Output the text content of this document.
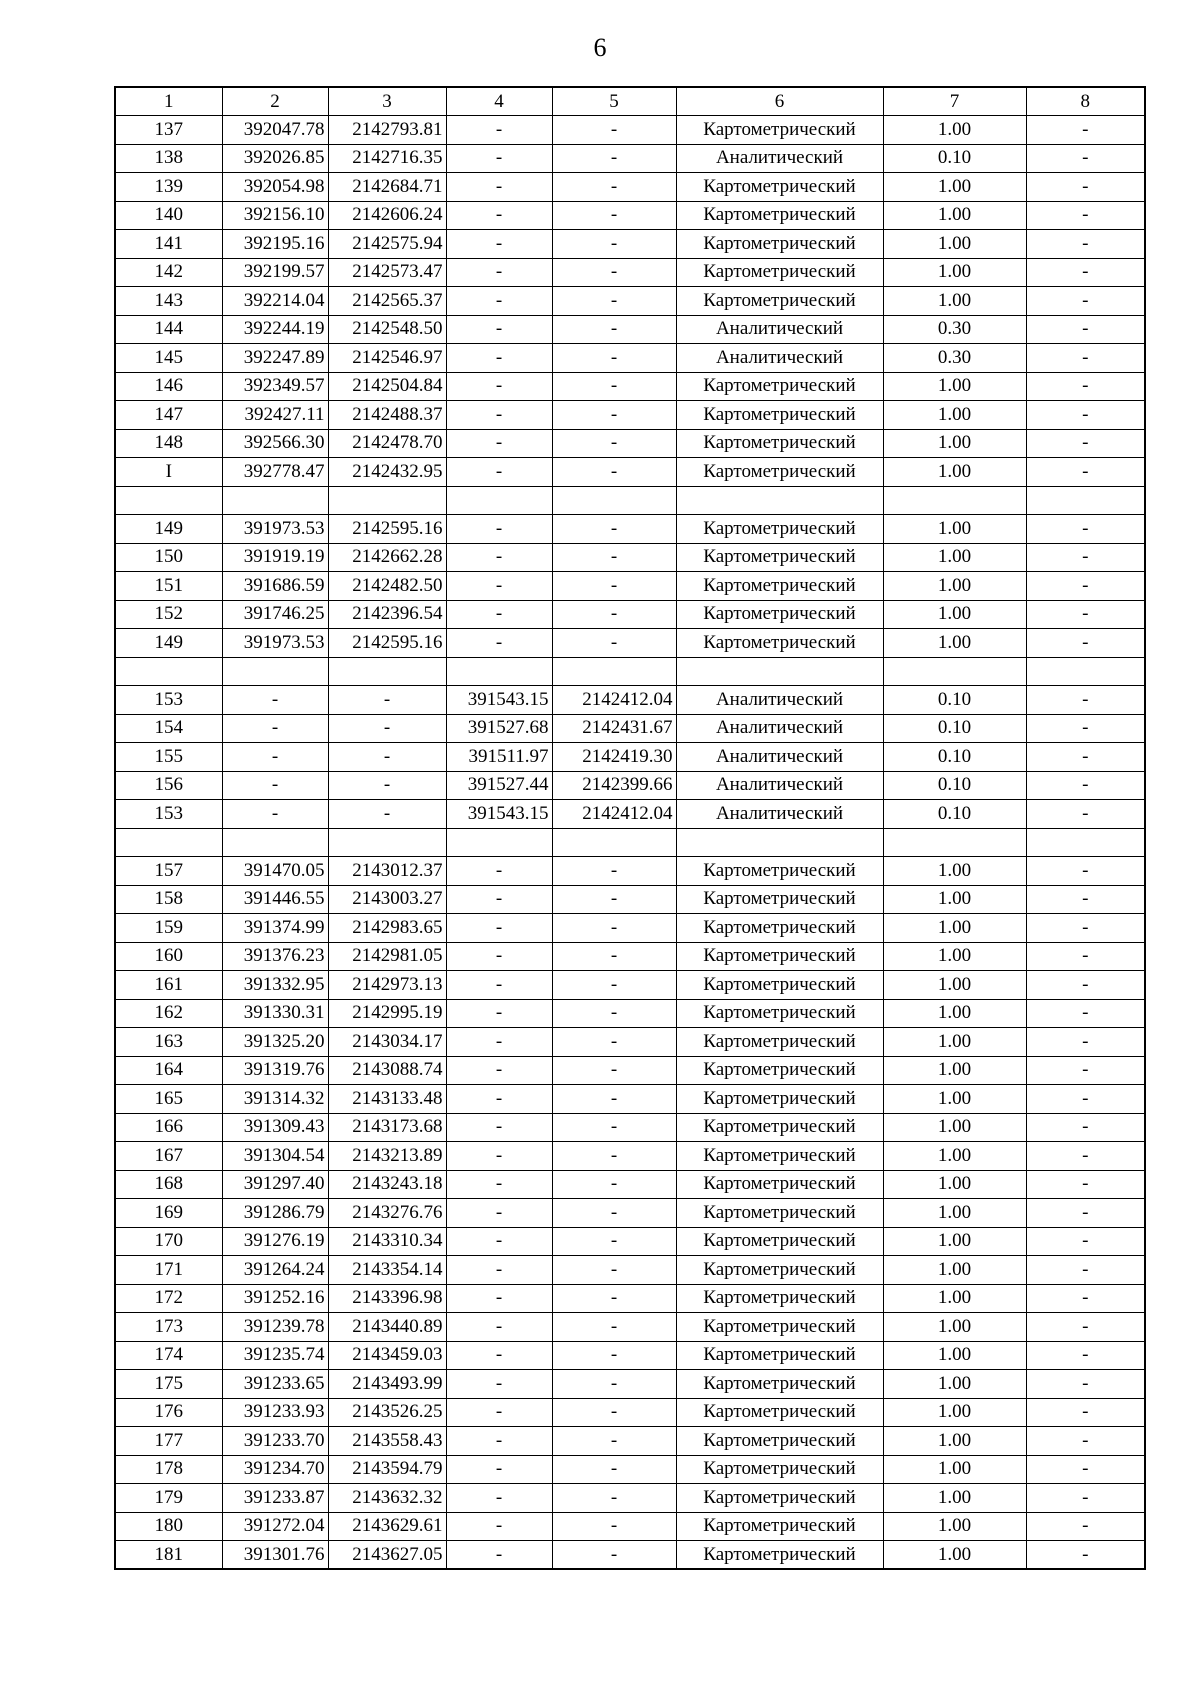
6
1	2	3	4	5	6	7	8
137	392047.78	2142793.81	-	-	Картометрический	1.00	-
138	392026.85	2142716.35	-	-	Аналитический	0.10	-
139	392054.98	2142684.71	-	-	Картометрический	1.00	-
140	392156.10	2142606.24	-	-	Картометрический	1.00	-
141	392195.16	2142575.94	-	-	Картометрический	1.00	-
142	392199.57	2142573.47	-	-	Картометрический	1.00	-
143	392214.04	2142565.37	-	-	Картометрический	1.00	-
144	392244.19	2142548.50	-	-	Аналитический	0.30	-
145	392247.89	2142546.97	-	-	Аналитический	0.30	-
146	392349.57	2142504.84	-	-	Картометрический	1.00	-
147	392427.11	2142488.37	-	-	Картометрический	1.00	-
148	392566.30	2142478.70	-	-	Картометрический	1.00	-
I	392778.47	2142432.95	-	-	Картометрический	1.00	-

149	391973.53	2142595.16	-	-	Картометрический	1.00	-
150	391919.19	2142662.28	-	-	Картометрический	1.00	-
151	391686.59	2142482.50	-	-	Картометрический	1.00	-
152	391746.25	2142396.54	-	-	Картометрический	1.00	-
149	391973.53	2142595.16	-	-	Картометрический	1.00	-

153	-	-	391543.15	2142412.04	Аналитический	0.10	-
154	-	-	391527.68	2142431.67	Аналитический	0.10	-
155	-	-	391511.97	2142419.30	Аналитический	0.10	-
156	-	-	391527.44	2142399.66	Аналитический	0.10	-
153	-	-	391543.15	2142412.04	Аналитический	0.10	-

157	391470.05	2143012.37	-	-	Картометрический	1.00	-
158	391446.55	2143003.27	-	-	Картометрический	1.00	-
159	391374.99	2142983.65	-	-	Картометрический	1.00	-
160	391376.23	2142981.05	-	-	Картометрический	1.00	-
161	391332.95	2142973.13	-	-	Картометрический	1.00	-
162	391330.31	2142995.19	-	-	Картометрический	1.00	-
163	391325.20	2143034.17	-	-	Картометрический	1.00	-
164	391319.76	2143088.74	-	-	Картометрический	1.00	-
165	391314.32	2143133.48	-	-	Картометрический	1.00	-
166	391309.43	2143173.68	-	-	Картометрический	1.00	-
167	391304.54	2143213.89	-	-	Картометрический	1.00	-
168	391297.40	2143243.18	-	-	Картометрический	1.00	-
169	391286.79	2143276.76	-	-	Картометрический	1.00	-
170	391276.19	2143310.34	-	-	Картометрический	1.00	-
171	391264.24	2143354.14	-	-	Картометрический	1.00	-
172	391252.16	2143396.98	-	-	Картометрический	1.00	-
173	391239.78	2143440.89	-	-	Картометрический	1.00	-
174	391235.74	2143459.03	-	-	Картометрический	1.00	-
175	391233.65	2143493.99	-	-	Картометрический	1.00	-
176	391233.93	2143526.25	-	-	Картометрический	1.00	-
177	391233.70	2143558.43	-	-	Картометрический	1.00	-
178	391234.70	2143594.79	-	-	Картометрический	1.00	-
179	391233.87	2143632.32	-	-	Картометрический	1.00	-
180	391272.04	2143629.61	-	-	Картометрический	1.00	-
181	391301.76	2143627.05	-	-	Картометрический	1.00	-
